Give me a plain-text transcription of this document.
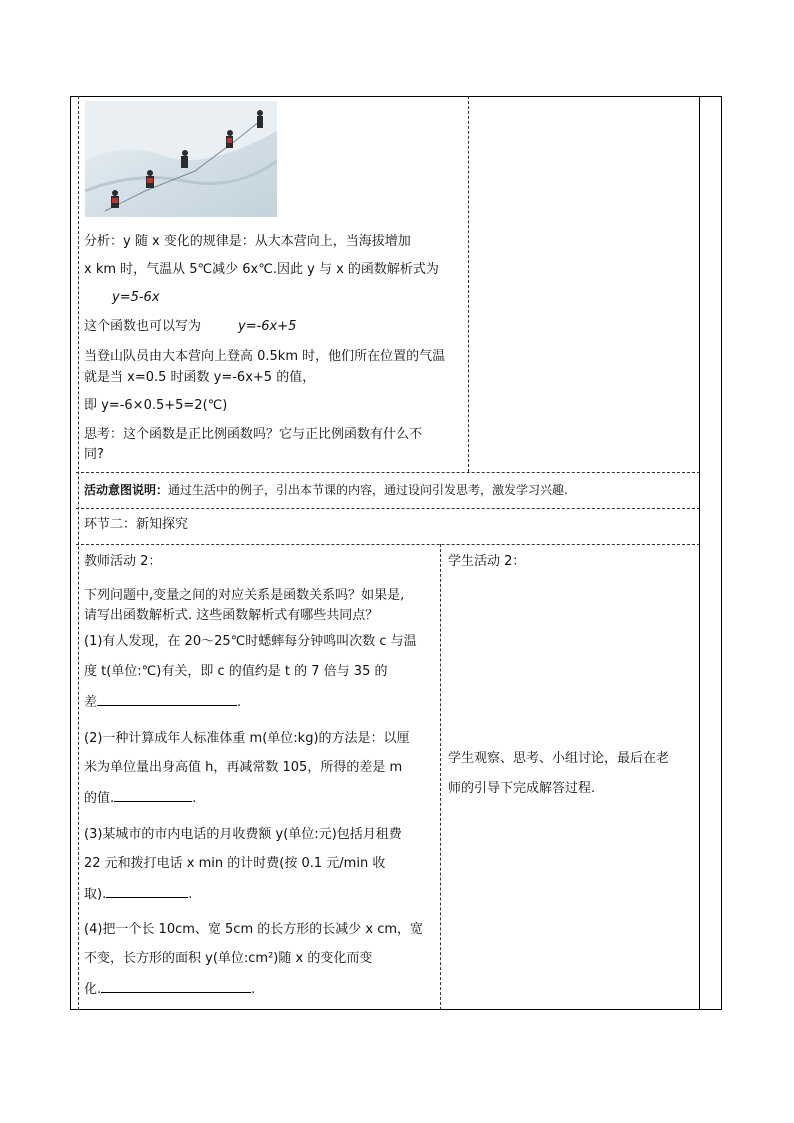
分析：y 随 x 变化的规律是：从大本营向上，当海拔增加
x km 时，气温从 5℃减少 6x℃.因此 y 与 x 的函数解析式为
y=5-6x
这个函数也可以写为	y=-6x+5
当登山队员由大本营向上登高 0.5km 时，他们所在位置的气温
就是当 x=0.5 时函数 y=-6x+5 的值，
即 y=-6×0.5+5=2(℃)
思考：这个函数是正比例函数吗？它与正比例函数有什么不
同?
活动意图说明：通过生活中的例子，引出本节课的内容，通过设问引发思考，激发学习兴趣.
环节二：新知探究
教师活动 2：
下列问题中,变量之间的对应关系是函数关系吗？如果是,
请写出函数解析式. 这些函数解析式有哪些共同点？
(1)有人发现，在 20～25℃时蟋蟀每分钟鸣叫次数 c 与温
度 t(单位:℃)有关，即 c 的值约是 t 的 7 倍与 35 的
差	.
(2)一种计算成年人标准体重 m(单位:kg)的方法是：以厘
米为单位量出身高值 h，再减常数 105，所得的差是 m
的值.	.
(3)某城市的市内电话的月收费额 y(单位:元)包括月租费
22 元和拨打电话 x min 的计时费(按 0.1 元/min 收
取).	.
(4)把一个长 10cm、宽 5cm 的长方形的长减少 x cm，宽
不变，长方形的面积 y(单位:cm²)随 x 的变化而变
化.	.
学生活动 2：
学生观察、思考、小组讨论，最后在老
师的引导下完成解答过程.
